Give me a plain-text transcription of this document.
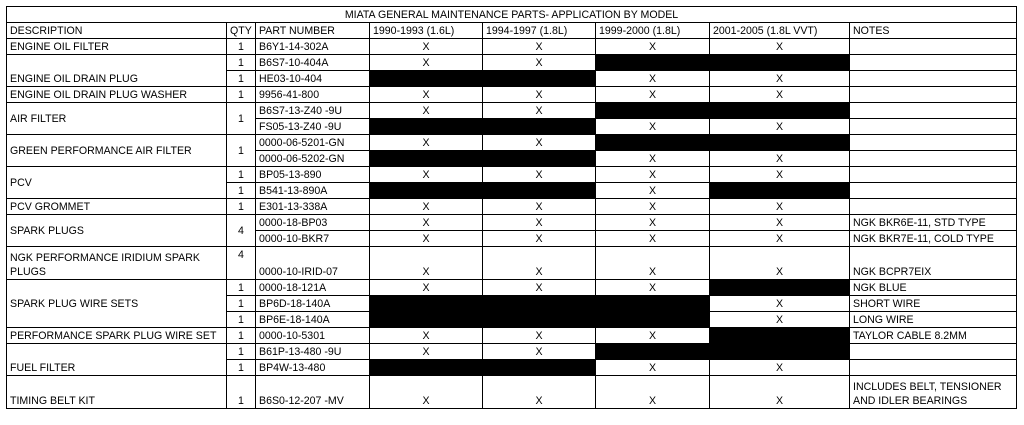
MIATA GENERAL MAINTENANCE PARTS- APPLICATION BY MODEL							
DESCRIPTION	QTY	PART NUMBER	1990-1993 (1.6L)	1994-1997 (1.8L)	1999-2000 (1.8L)	2001-2005 (1.8L VVT)	NOTES
ENGINE OIL FILTER	1	B6Y1-14-302A	X	X	X	X	
ENGINE OIL DRAIN PLUG	1	B6S7-10-404A	X	X			
	1	HE03-10-404			X	X	
ENGINE OIL DRAIN PLUG WASHER	1	9956-41-800	X	X	X	X	
AIR FILTER	1	B6S7-13-Z40 -9U	X	X			
		FS05-13-Z40 -9U			X	X	
GREEN PERFORMANCE AIR FILTER	1	0000-06-5201-GN	X	X			
		0000-06-5202-GN			X	X	
PCV	1	BP05-13-890	X	X	X	X	
	1	B541-13-890A			X		
PCV GROMMET	1	E301-13-338A	X	X	X	X	
SPARK PLUGS	4	0000-18-BP03	X	X	X	X	NGK BKR6E-11, STD TYPE
		0000-10-BKR7	X	X	X	X	NGK BKR7E-11, COLD TYPE
NGK PERFORMANCE IRIDIUM SPARK PLUGS	4	0000-10-IRID-07	X	X	X	X	NGK BCPR7EIX
SPARK PLUG WIRE SETS	1	0000-18-121A	X	X	X		NGK BLUE
	1	BP6D-18-140A				X	SHORT WIRE
	1	BP6E-18-140A				X	LONG WIRE
PERFORMANCE SPARK PLUG WIRE SET	1	0000-10-5301	X	X	X		TAYLOR CABLE 8.2MM
FUEL FILTER	1	B61P-13-480 -9U	X	X			
	1	BP4W-13-480			X	X	
TIMING BELT KIT	1	B6S0-12-207 -MV	X	X	X	X	INCLUDES BELT, TENSIONER AND IDLER BEARINGS
